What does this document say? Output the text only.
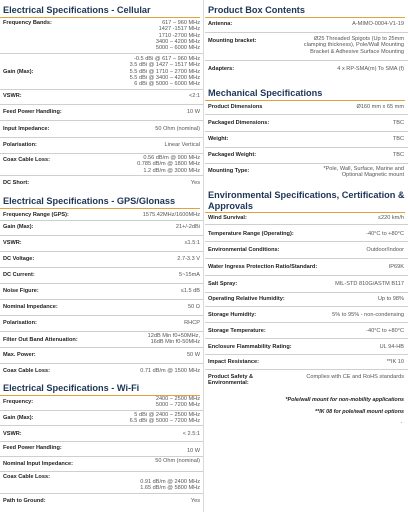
Electrical Specifications - Cellular
Frequency Bands:	617 – 960 MHz
1427 -1517 MHz
1710 -2700 MHz
3400 – 4200 MHz
5000 – 6000 MHz
Gain (Max):
-0.5 dBi @ 617 – 960 MHz
3.5 dBi @ 1427 – 1517 MHz
5.5 dBi @ 1710 – 2700 MHz
5.5 dBi @ 3400 – 4200 MHz
6 dBi @ 5000 – 6000 MHz
VSWR:	<2:1
Feed Power Handling:	10 W
Input Impedance:	50 Ohm (nominal)
Polarisation:	Linear Vertical
Coax Cable Loss:	0.56 dB/m @ 900 MHz
0.785 dB/m @ 1800 MHz
1.2 dB/m @ 3000 MHz
DC Short:	Yes
Electrical Specifications - GPS/Glonass
Frequency Range (GPS):	1575.42MHz/1600MHz
Gain (Max):	21+/-2dBi
VSWR:	≤1.5:1
DC Voltage:	2.7-3.3 V
DC Current:	5~15mA
Noise Figure:	≤1.5 dB
Nominal Impedance:	50 Ω
Polarisation:	RHCP
Filter Out Band Attenuation:
12dB Min f0+50MHz,
16dB Min f0-50MHz
Max. Power:	50 W
Coax Cable Loss:	0.71 dB/m @ 1500 MHz
Electrical Specifications - Wi-Fi
Frequency:	2400 – 2500 MHz
5000 – 7200 MHz
Gain (Max):	5 dBi @ 2400 – 2500 MHz
6.5 dBi @ 5000 – 7200 MHz
VSWR:	< 2.5:1
Feed Power Handling:	10 W
Nominal Input Impedance:	50 Ohm (nominal)
Coax Cable Loss:
0.91 dB/m @ 2400 MHz
1.65 dB/m @ 5800 MHz
Path to Ground:	Yes
Product Box Contents
Antenna:	A-MIMO-0004-V1-19
Mounting bracket:	Ø25 Threaded Spigots (Up to 25mm
clamping thickness), Pole/Wall Mounting
Bracket & Adhesive Surface Mounting
Adapters:	4 x RP-SMA(m) To SMA (f)
Mechanical Specifications
Product Dimensions	Ø160 mm x 65 mm
Packaged Dimensions:	TBC
Weight:	TBC
Packaged Weight:	TBC
Mounting Type:	*Pole, Wall, Surface, Marine and
Optional Magnetic mount
Environmental Specifications, Certification & Approvals
Wind Survival:	≤220 km/h
Temperature Range (Operating):	-40°C to +80°C
Environmental Conditions:	Outdoor/Indoor
Water Ingress Protection Ratio/Standard:	IP69K
Salt Spray:	MIL-STD 810G/ASTM B117
Operating Relative Humidity:	Up to 98%
Storage Humidity:	5% to 95% - non-condensing
Storage Temperature:	-40°C to +80°C
Enclosure Flammability Rating:	UL 94-HB
Impact Resistance:	**IK 10
Product Safety &
Environmental:
Complies with CE and RoHS standards
*Pole/wall mount for non-mobility applications
**IK 08 for pole/wall mount options
.
